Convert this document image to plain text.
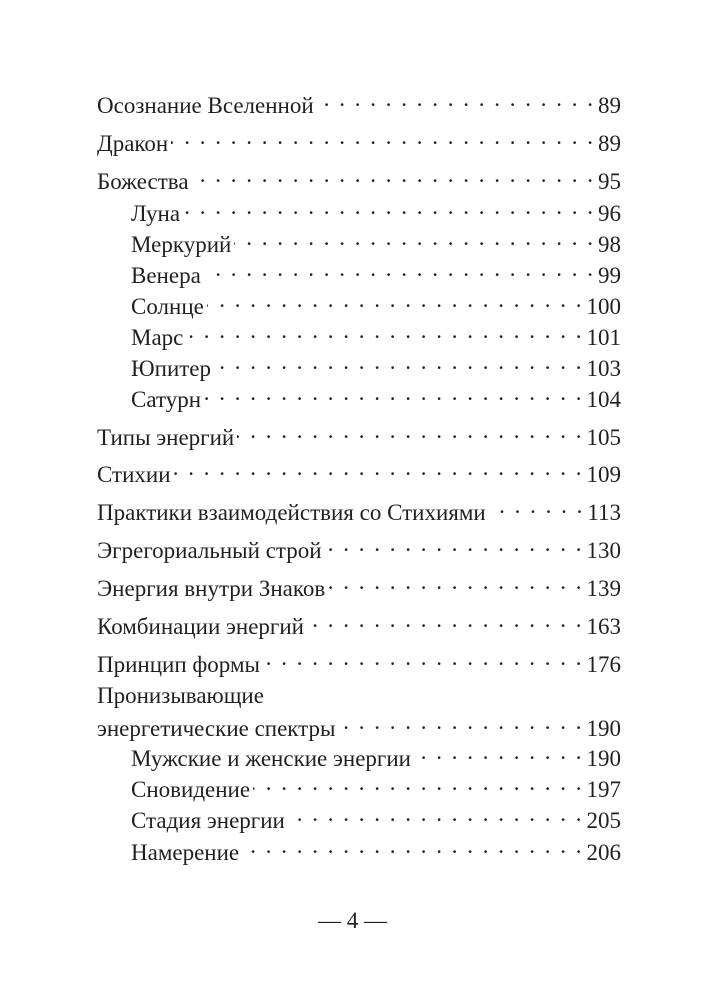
Осознание Вселенной . . .	89
Дракон . . .	89
Божества . . .	95
Луна . . .	96
Меркурий . . .	98
Венера . . .	99
Солнце . . .	100
Марс . . .	101
Юпитер . . .	103
Сатурн . . .	104
Типы энергий . . .	105
Стихии . . .	109
Практики взаимодействия со Стихиями . . .	113
Эгрегориальный строй . . .	130
Энергия внутри Знаков . . .	139
Комбинации энергий . . .	163
Принцип формы . . .	176
Пронизывающие
энергетические спектры . . .	190
Мужские и женские энергии . . .	190
Сновидение . . .	197
Стадия энергии . . .	205
Намерение . . .	206
— 4 —
